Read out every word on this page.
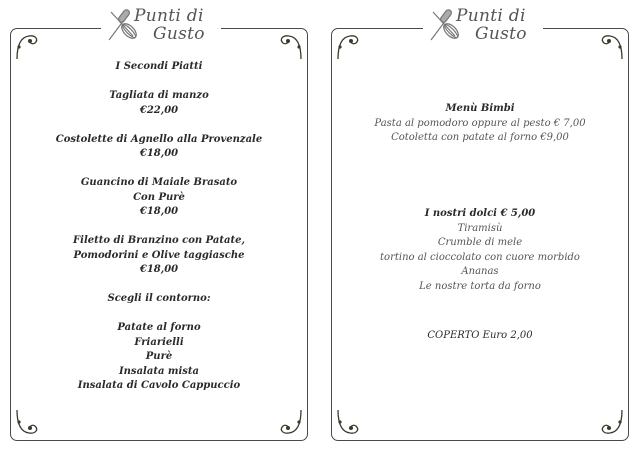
I Secondi Piatti

Tagliata di manzo
€22,00

Costolette di Agnello alla Provenzale
€18,00

Guancino di Maiale Brasato
Con Purè
€18,00

Filetto di Branzino con Patate,
Pomodorini e Olive taggiasche
€18,00

Scegli il contorno:

Patate al forno
Friarielli
Purè
Insalata mista
Insalata di Cavolo Cappuccio
Menù Bimbi
Pasta al pomodoro oppure al pesto € 7,00
Cotoletta con patate al forno €9,00
I nostri dolci € 5,00
Tiramisù
Crumble di mele
tortino al cioccolato con cuore morbido
Ananas
Le nostre torta da forno
COPERTO Euro 2,00
Punti di
Gusto
Punti di
Gusto
